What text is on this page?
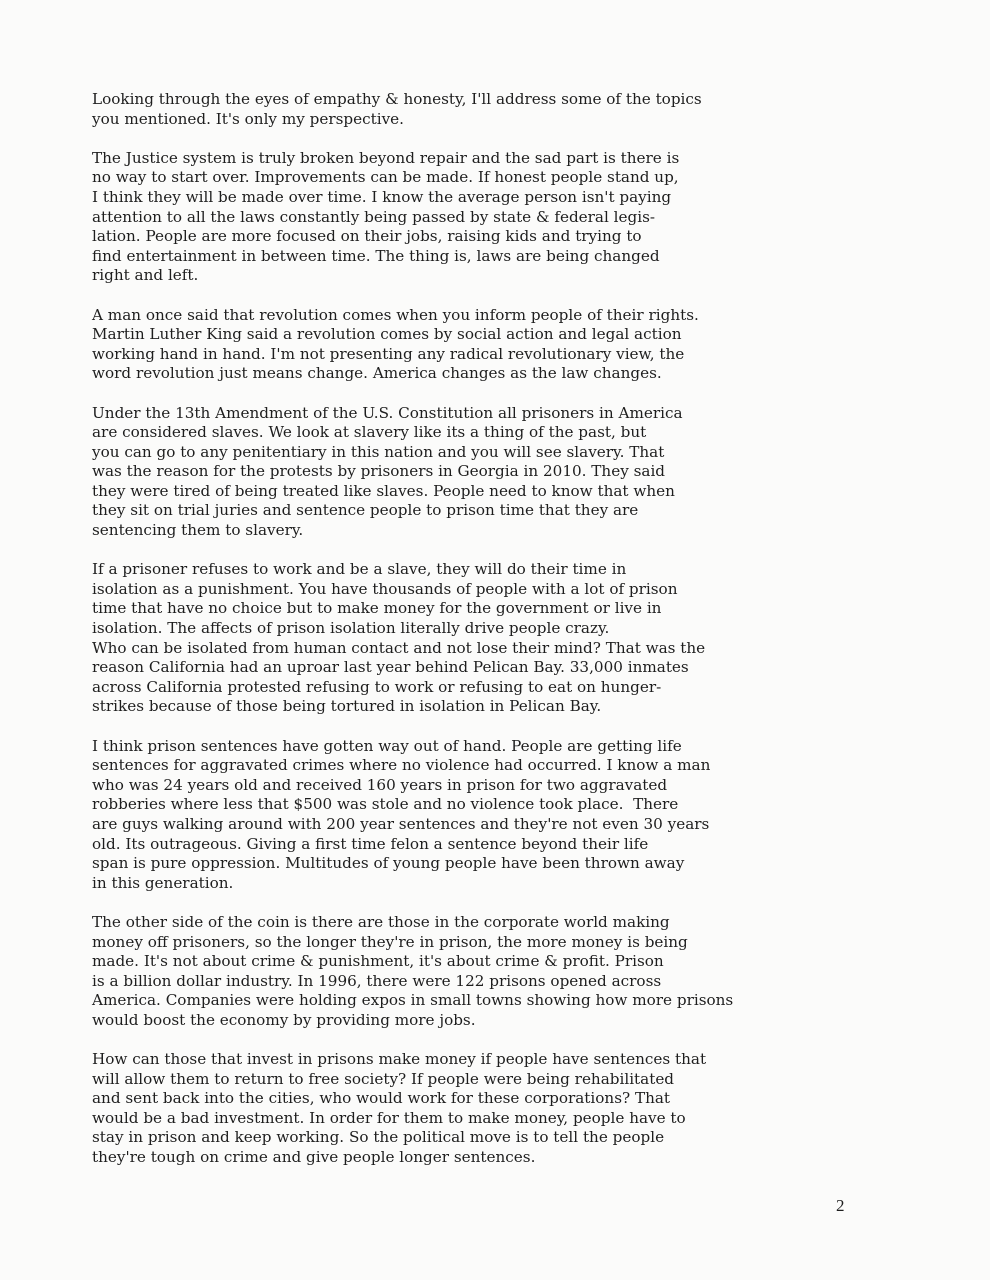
Looking through the eyes of empathy & honesty, I'll address some of the topics
you mentioned. It's only my perspective.
The Justice system is truly broken beyond repair and the sad part is there is
no way to start over. Improvements can be made. If honest people stand up,
I think they will be made over time. I know the average person isn't paying
attention to all the laws constantly being passed by state & federal legis-
lation. People are more focused on their jobs, raising kids and trying to
find entertainment in between time. The thing is, laws are being changed
right and left.
A man once said that revolution comes when you inform people of their rights.
Martin Luther King said a revolution comes by social action and legal action
working hand in hand. I'm not presenting any radical revolutionary view, the
word revolution just means change. America changes as the law changes.
Under the 13th Amendment of the U.S. Constitution all prisoners in America
are considered slaves. We look at slavery like its a thing of the past, but
you can go to any penitentiary in this nation and you will see slavery. That
was the reason for the protests by prisoners in Georgia in 2010. They said
they were tired of being treated like slaves. People need to know that when
they sit on trial juries and sentence people to prison time that they are
sentencing them to slavery.
If a prisoner refuses to work and be a slave, they will do their time in
isolation as a punishment. You have thousands of people with a lot of prison
time that have no choice but to make money for the government or live in
isolation. The affects of prison isolation literally drive people crazy.
Who can be isolated from human contact and not lose their mind? That was the
reason California had an uproar last year behind Pelican Bay. 33,000 inmates
across California protested refusing to work or refusing to eat on hunger-
strikes because of those being tortured in isolation in Pelican Bay.
I think prison sentences have gotten way out of hand. People are getting life
sentences for aggravated crimes where no violence had occurred. I know a man
who was 24 years old and received 160 years in prison for two aggravated
robberies where less that $500 was stole and no violence took place.  There
are guys walking around with 200 year sentences and they're not even 30 years
old. Its outrageous. Giving a first time felon a sentence beyond their life
span is pure oppression. Multitudes of young people have been thrown away
in this generation.
The other side of the coin is there are those in the corporate world making
money off prisoners, so the longer they're in prison, the more money is being
made. It's not about crime & punishment, it's about crime & profit. Prison
is a billion dollar industry. In 1996, there were 122 prisons opened across
America. Companies were holding expos in small towns showing how more prisons
would boost the economy by providing more jobs.
How can those that invest in prisons make money if people have sentences that
will allow them to return to free society? If people were being rehabilitated
and sent back into the cities, who would work for these corporations? That
would be a bad investment. In order for them to make money, people have to
stay in prison and keep working. So the political move is to tell the people
they're tough on crime and give people longer sentences.
2
